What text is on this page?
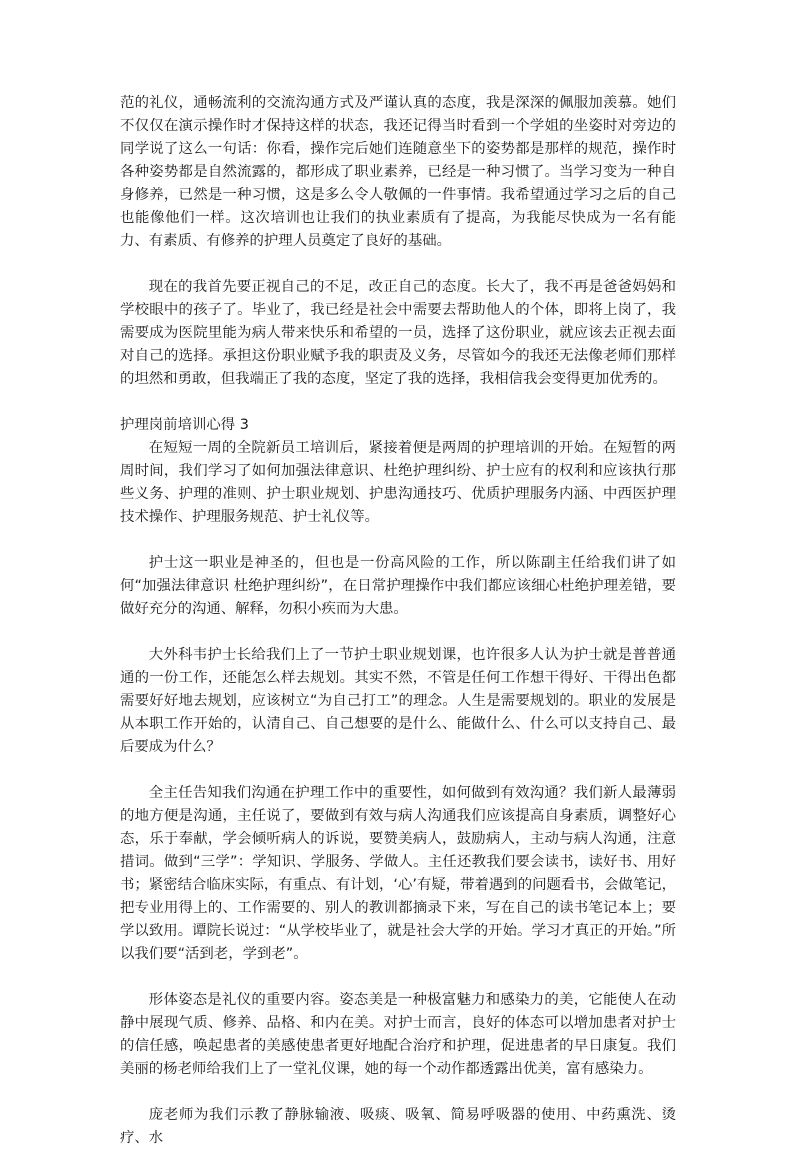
范的礼仪，通畅流利的交流沟通方式及严谨认真的态度，我是深深的佩服加羡慕。她们不仅仅在演示操作时才保持这样的状态，我还记得当时看到一个学姐的坐姿时对旁边的同学说了这么一句话：你看，操作完后她们连随意坐下的姿势都是那样的规范，操作时各种姿势都是自然流露的，都形成了职业素养，已经是一种习惯了。当学习变为一种自身修养，已然是一种习惯，这是多么令人敬佩的一件事情。我希望通过学习之后的自己也能像他们一样。这次培训也让我们的执业素质有了提高，为我能尽快成为一名有能力、有素质、有修养的护理人员奠定了良好的基础。

现在的我首先要正视自己的不足，改正自己的态度。长大了，我不再是爸爸妈妈和学校眼中的孩子了。毕业了，我已经是社会中需要去帮助他人的个体，即将上岗了，我需要成为医院里能为病人带来快乐和希望的一员，选择了这份职业，就应该去正视去面对自己的选择。承担这份职业赋予我的职责及义务，尽管如今的我还无法像老师们那样的坦然和勇敢，但我端正了我的态度，坚定了我的选择，我相信我会变得更加优秀的。

护理岗前培训心得 3

在短短一周的全院新员工培训后，紧接着便是两周的护理培训的开始。在短暂的两周时间，我们学习了如何加强法律意识、杜绝护理纠纷、护士应有的权利和应该执行那些义务、护理的准则、护士职业规划、护患沟通技巧、优质护理服务内涵、中西医护理技术操作、护理服务规范、护士礼仪等。

护士这一职业是神圣的，但也是一份高风险的工作，所以陈副主任给我们讲了如何“加强法律意识 杜绝护理纠纷”，在日常护理操作中我们都应该细心杜绝护理差错，要做好充分的沟通、解释，勿积小疾而为大患。

大外科韦护士长给我们上了一节护士职业规划课，也许很多人认为护士就是普普通通的一份工作，还能怎么样去规划。其实不然，不管是任何工作想干得好、干得出色都需要好好地去规划，应该树立“为自己打工”的理念。人生是需要规划的。职业的发展是从本职工作开始的，认清自己、自己想要的是什么、能做什么、什么可以支持自己、最后要成为什么？

全主任告知我们沟通在护理工作中的重要性，如何做到有效沟通？我们新人最薄弱的地方便是沟通，主任说了，要做到有效与病人沟通我们应该提高自身素质，调整好心态，乐于奉献，学会倾听病人的诉说，要赞美病人，鼓励病人，主动与病人沟通，注意措词。做到“三学”：学知识、学服务、学做人。主任还教我们要会读书，读好书、用好书；紧密结合临床实际，有重点、有计划，‘心’有疑，带着遇到的问题看书，会做笔记，把专业用得上的、工作需要的、别人的教训都摘录下来，写在自己的读书笔记本上；要学以致用。谭院长说过：“从学校毕业了，就是社会大学的开始。学习才真正的开始。”所以我们要“活到老，学到老”。

形体姿态是礼仪的重要内容。姿态美是一种极富魅力和感染力的美，它能使人在动静中展现气质、修养、品格、和内在美。对护士而言，良好的体态可以增加患者对护士的信任感，唤起患者的美感使患者更好地配合治疗和护理，促进患者的早日康复。我们美丽的杨老师给我们上了一堂礼仪课，她的每一个动作都透露出优美，富有感染力。

庞老师为我们示教了静脉输液、吸痰、吸氧、简易呼吸器的使用、中药熏洗、烫疗、水
